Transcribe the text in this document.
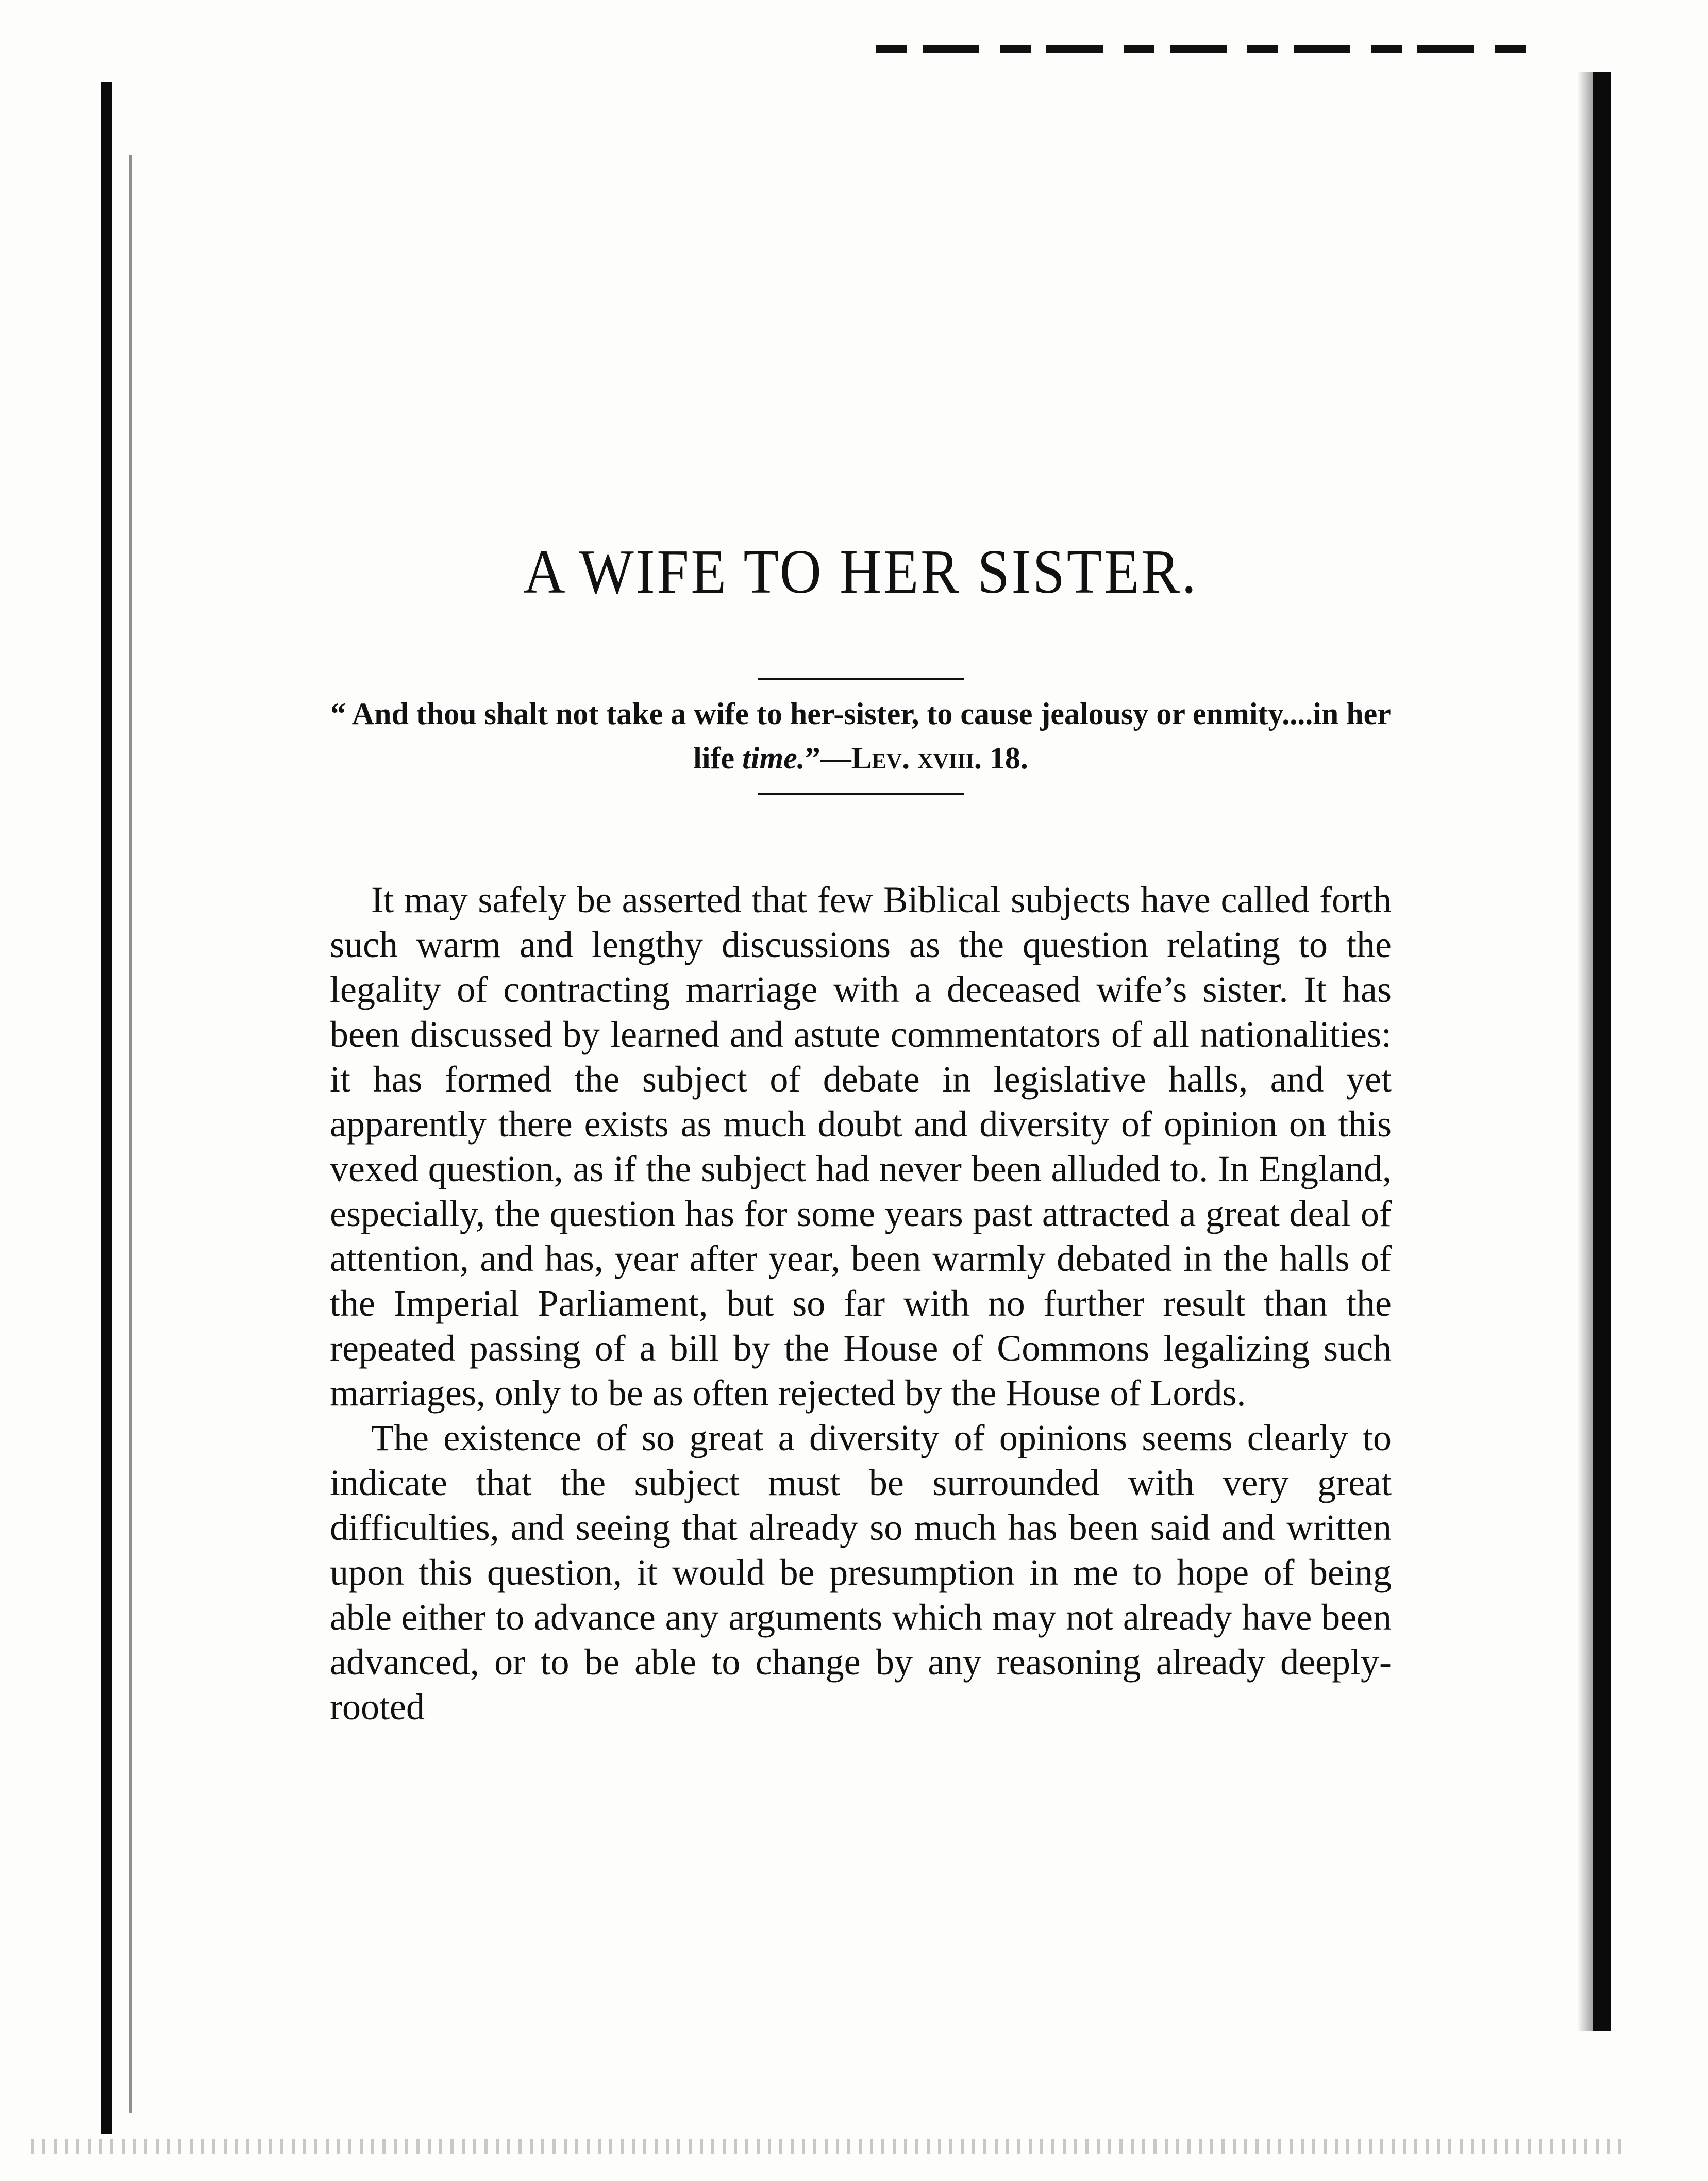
A WIFE TO HER SISTER.
“ And thou shalt not take a wife to her-sister, to cause jealousy or enmity....in her life time.”—Lev. xviii. 18.

It may safely be asserted that few Biblical subjects have called forth such warm and lengthy discussions as the question relating to the legality of contracting marriage with a deceased wife’s sister. It has been discussed by learned and astute commentators of all nationalities: it has formed the subject of debate in legislative halls, and yet apparently there exists as much doubt and diversity of opinion on this vexed question, as if the subject had never been alluded to. In England, especially, the question has for some years past attracted a great deal of attention, and has, year after year, been warmly debated in the halls of the Imperial Parliament, but so far with no further result than the repeated passing of a bill by the House of Commons legalizing such marriages, only to be as often rejected by the House of Lords.

The existence of so great a diversity of opinions seems clearly to indicate that the subject must be surrounded with very great difficulties, and seeing that already so much has been said and written upon this question, it would be presumption in me to hope of being able either to advance any arguments which may not already have been advanced, or to be able to change by any reasoning already deeply-rooted
